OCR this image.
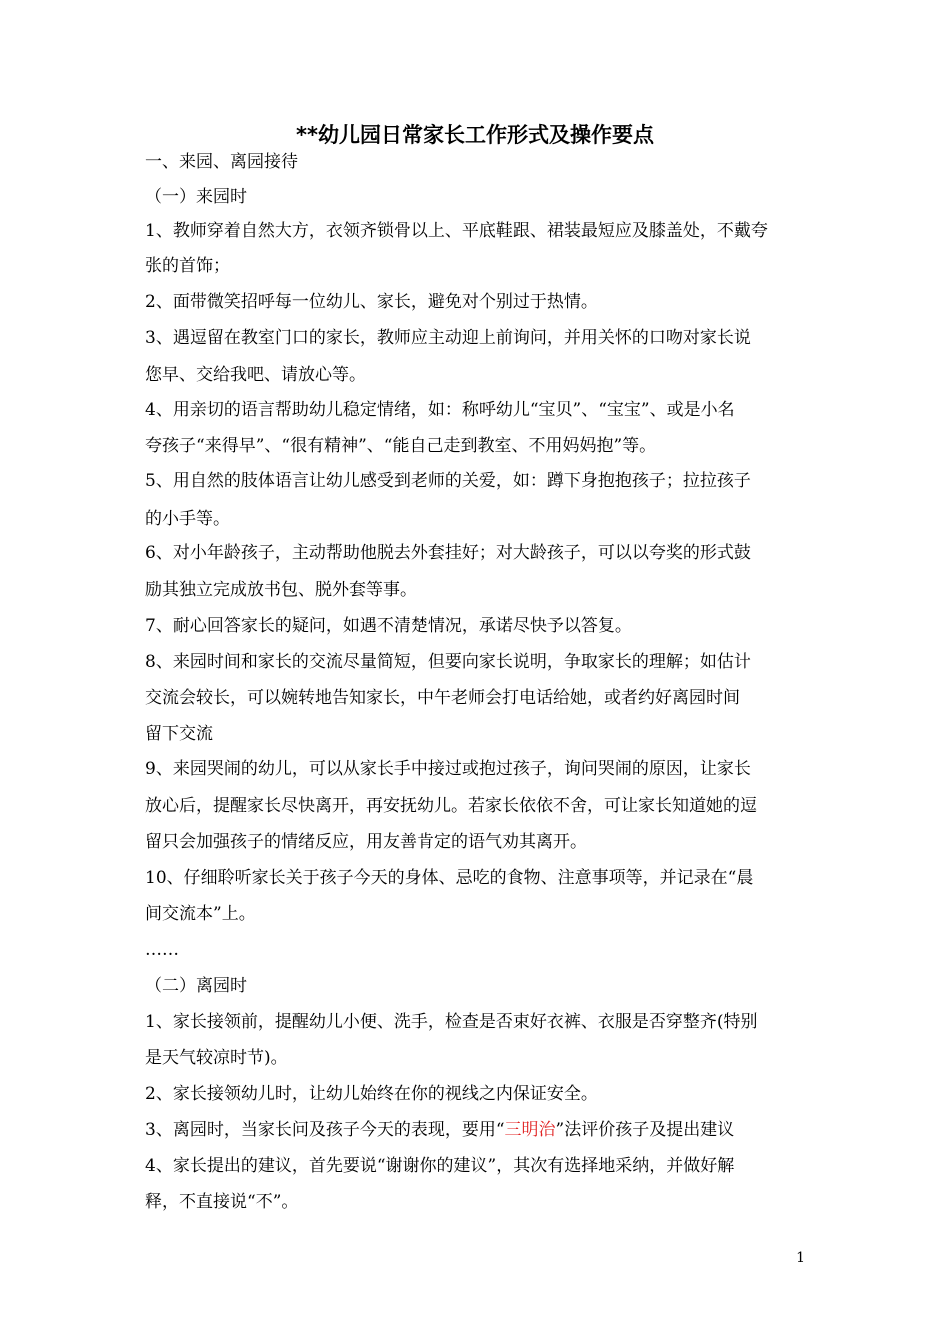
**幼儿园日常家长工作形式及操作要点
一、来园、离园接待
（一）来园时
1、教师穿着自然大方，衣领齐锁骨以上、平底鞋跟、裙装最短应及膝盖处，不戴夸
张的首饰；
2、面带微笑招呼每一位幼儿、家长，避免对个别过于热情。
3、遇逗留在教室门口的家长，教师应主动迎上前询问，并用关怀的口吻对家长说
您早、交给我吧、请放心等。
4、用亲切的语言帮助幼儿稳定情绪，如：称呼幼儿“宝贝”、“宝宝”、或是小名
夸孩子“来得早”、“很有精神”、“能自己走到教室、不用妈妈抱”等。
5、用自然的肢体语言让幼儿感受到老师的关爱，如：蹲下身抱抱孩子；拉拉孩子
的小手等。
6、对小年龄孩子，主动帮助他脱去外套挂好；对大龄孩子，可以以夸奖的形式鼓
励其独立完成放书包、脱外套等事。
7、耐心回答家长的疑问，如遇不清楚情况，承诺尽快予以答复。
8、来园时间和家长的交流尽量简短，但要向家长说明，争取家长的理解；如估计
交流会较长，可以婉转地告知家长，中午老师会打电话给她，或者约好离园时间
留下交流
9、来园哭闹的幼儿，可以从家长手中接过或抱过孩子，询问哭闹的原因，让家长
放心后，提醒家长尽快离开，再安抚幼儿。若家长依依不舍，可让家长知道她的逗
留只会加强孩子的情绪反应，用友善肯定的语气劝其离开。
10、仔细聆听家长关于孩子今天的身体、忌吃的食物、注意事项等，并记录在“晨
间交流本”上。
……
（二）离园时
1、家长接领前，提醒幼儿小便、洗手，检查是否束好衣裤、衣服是否穿整齐(特别
是天气较凉时节)。
2、家长接领幼儿时，让幼儿始终在你的视线之内保证安全。
3、离园时，当家长问及孩子今天的表现，要用“三明治”法评价孩子及提出建议
4、家长提出的建议，首先要说“谢谢你的建议”，其次有选择地采纳，并做好解
释，不直接说“不”。
1
